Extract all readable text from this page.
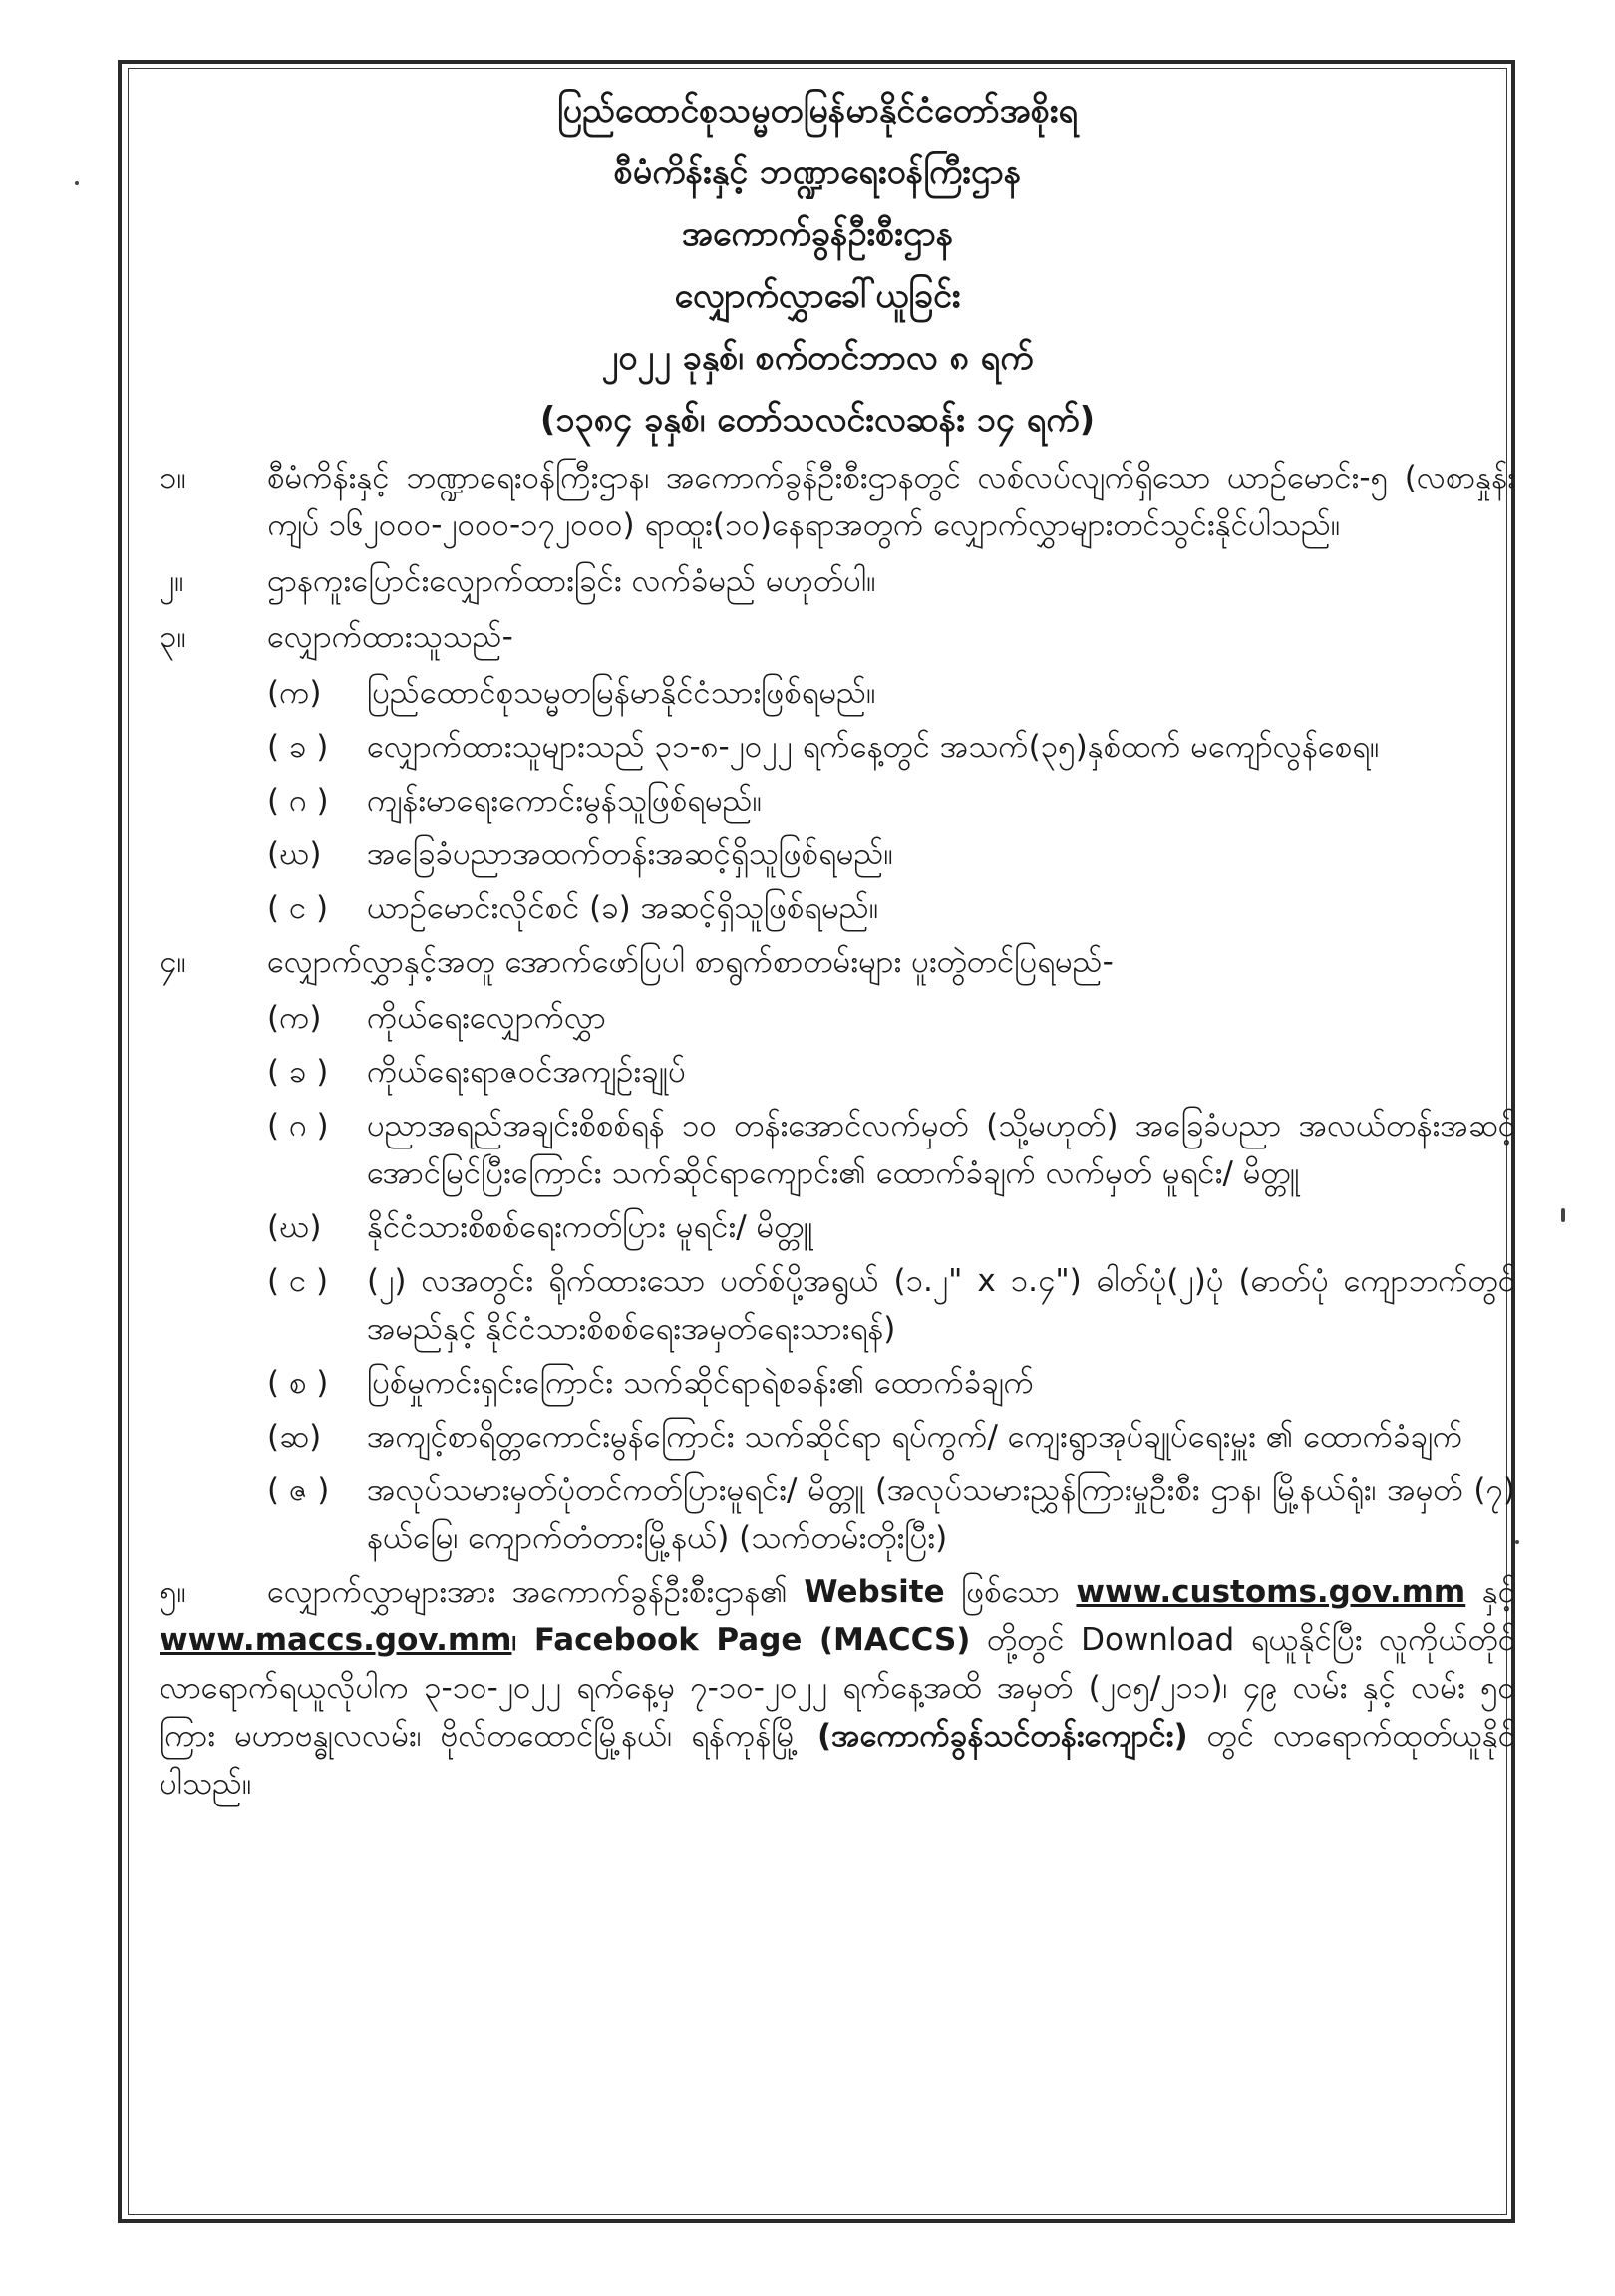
ပြည်ထောင်စုသမ္မတမြန်မာနိုင်ငံတော်အစိုးရ
စီမံကိန်းနှင့် ဘဏ္ဍာရေးဝန်ကြီးဌာန
အကောက်ခွန်ဦးစီးဌာန
လျှောက်လွှာခေါ်ယူခြင်း
၂၀၂၂ ခုနှစ်၊ စက်တင်ဘာလ ၈ ရက်
(၁၃၈၄ ခုနှစ်၊ တော်သလင်းလဆန်း ၁၄ ရက်)
၁။	စီမံကိန်းနှင့် ဘဏ္ဍာရေးဝန်ကြီးဌာန၊ အကောက်ခွန်ဦးစီးဌာနတွင် လစ်လပ်လျက်ရှိသော ယာဉ်မောင်း-၅ (လစာနှုန်းကျပ် ၁၆၂၀၀၀-၂၀၀၀-၁၇၂၀၀၀) ရာထူး(၁၀)နေရာအတွက် လျှောက်လွှာများတင်သွင်းနိုင်ပါသည်။
၂။	ဌာနကူးပြောင်းလျှောက်ထားခြင်း လက်ခံမည် မဟုတ်ပါ။
၃။	လျှောက်ထားသူသည်-
(က)	ပြည်ထောင်စုသမ္မတမြန်မာနိုင်ငံသားဖြစ်ရမည်။
( ခ )	လျှောက်ထားသူများသည် ၃၁-၈-၂၀၂၂ ရက်နေ့တွင် အသက်(၃၅)နှစ်ထက် မကျော်လွန်စေရ။
( ဂ )	ကျန်းမာရေးကောင်းမွန်သူဖြစ်ရမည်။
(ဃ)	အခြေခံပညာအထက်တန်းအဆင့်ရှိသူဖြစ်ရမည်။
( င )	ယာဉ်မောင်းလိုင်စင် (ခ) အဆင့်ရှိသူဖြစ်ရမည်။
၄။	လျှောက်လွှာနှင့်အတူ အောက်ဖော်ပြပါ စာရွက်စာတမ်းများ ပူးတွဲတင်ပြရမည်-
(က)	ကိုယ်ရေးလျှောက်လွှာ
( ခ )	ကိုယ်ရေးရာဇဝင်အကျဉ်းချုပ်
( ဂ )	ပညာအရည်အချင်းစိစစ်ရန် ၁၀ တန်းအောင်လက်မှတ် (သို့မဟုတ်) အခြေခံပညာ အလယ်တန်းအဆင့် အောင်မြင်ပြီးကြောင်း သက်ဆိုင်ရာကျောင်း၏ ထောက်ခံချက် လက်မှတ် မူရင်း/ မိတ္တူ
(ဃ)	နိုင်ငံသားစိစစ်ရေးကတ်ပြား မူရင်း/ မိတ္တူ
( င )	(၂) လအတွင်း ရိုက်ထားသော ပတ်စ်ပို့အရွယ် (၁.၂" x ၁.၄") ဓါတ်ပုံ(၂)ပုံ (ဓာတ်ပုံ ကျောဘက်တွင် အမည်နှင့် နိုင်ငံသားစိစစ်ရေးအမှတ်ရေးသားရန်)
( စ )	ပြစ်မှုကင်းရှင်းကြောင်း သက်ဆိုင်ရာရဲစခန်း၏ ထောက်ခံချက်
(ဆ)	အကျင့်စာရိတ္တကောင်းမွန်ကြောင်း သက်ဆိုင်ရာ ရပ်ကွက်/ ကျေးရွာအုပ်ချုပ်ရေးမှူး ၏ ထောက်ခံချက်
( ဇ )	အလုပ်သမားမှတ်ပုံတင်ကတ်ပြားမူရင်း/ မိတ္တူ (အလုပ်သမားညွှန်ကြားမှုဦးစီး ဌာန၊ မြို့နယ်ရုံး၊ အမှတ် (၇) နယ်မြေ၊ ကျောက်တံတားမြို့နယ်) (သက်တမ်းတိုးပြီး)
၅။	လျှောက်လွှာများအား အကောက်ခွန်ဦးစီးဌာန၏ Website ဖြစ်သော www.customs.gov.mm နှင့် www.maccs.gov.mm၊ Facebook Page (MACCS) တို့တွင် Download ရယူနိုင်ပြီး လူကိုယ်တိုင် လာရောက်ရယူလိုပါက ၃-၁၀-၂၀၂၂ ရက်နေ့မှ ၇-၁၀-၂၀၂၂ ရက်နေ့အထိ အမှတ် (၂၀၅/၂၁၁)၊ ၄၉ လမ်း နှင့် လမ်း ၅၀ ကြား မဟာဗန္ဓုလလမ်း၊ ဗိုလ်တထောင်မြို့နယ်၊ ရန်ကုန်မြို့ (အကောက်ခွန်သင်တန်းကျောင်း) တွင် လာရောက်ထုတ်ယူနိုင်ပါသည်။
